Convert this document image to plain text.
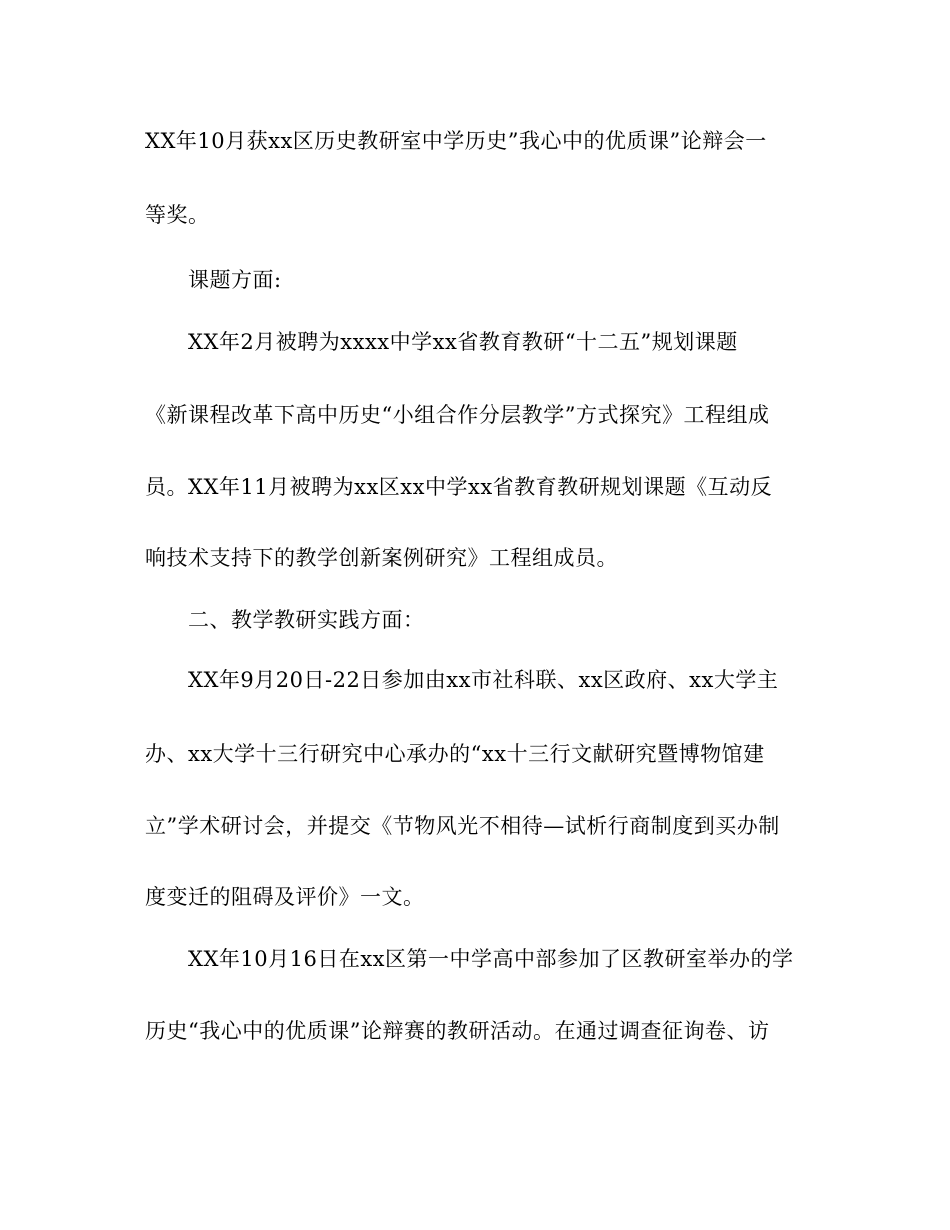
XX年10月获xx区历史教研室中学历史”我心中的优质课”论辩会一
等奖。
课题方面:
XX年2月被聘为xxxx中学xx省教育教研“十二五”规划课题
《新课程改革下高中历史“小组合作分层教学”方式探究》工程组成
员。XX年11月被聘为xx区xx中学xx省教育教研规划课题《互动反
响技术支持下的教学创新案例研究》工程组成员。
二、教学教研实践方面：
XX年9月20日-22日参加由xx市社科联、xx区政府、xx大学主
办、xx大学十三行研究中心承办的“xx十三行文献研究暨博物馆建
立”学术研讨会，并提交《节物风光不相待—试析行商制度到买办制
度变迁的阻碍及评价》一文。
XX年10月16日在xx区第一中学高中部参加了区教研室举办的学
历史“我心中的优质课”论辩赛的教研活动。在通过调查征询卷、访
